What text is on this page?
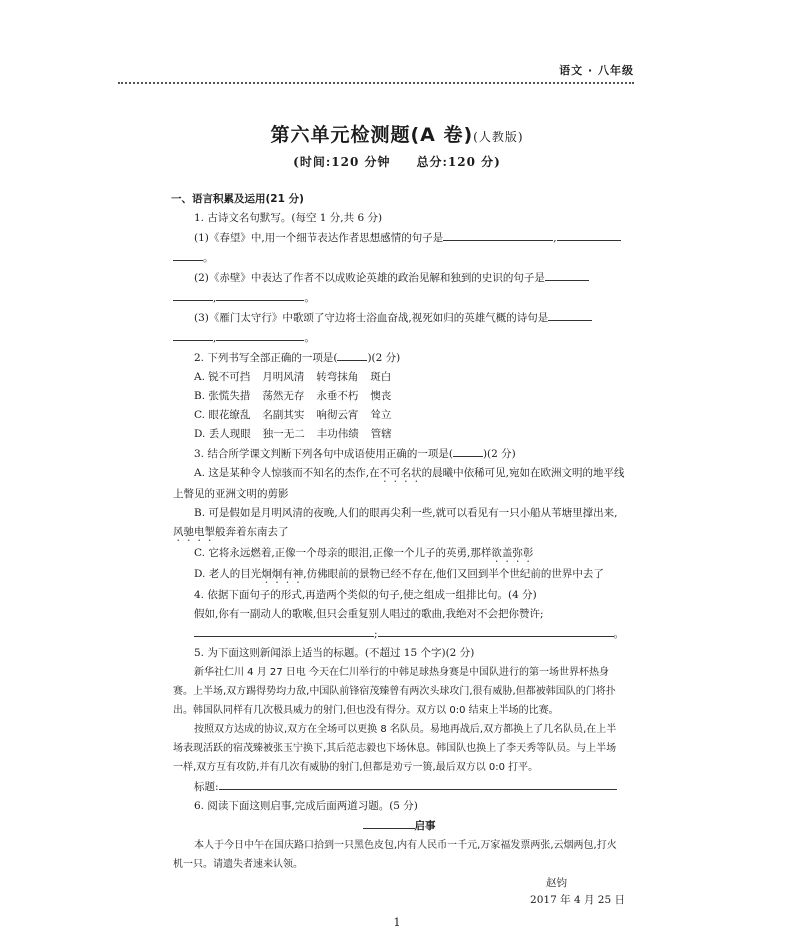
语文 · 八年级
第六单元检测题(A 卷)(人教版)
(时间:120 分钟 总分:120 分)

一、语言积累及运用(21 分)

1. 古诗文名句默写。(每空 1 分,共 6 分)

(1)《春望》中,用一个细节表达作者思想感情的句子是	,

。

(2)《赤壁》中表达了作者不以成败论英雄的政治见解和独到的史识的句子是

,	。

(3)《雁门太守行》中歌颂了守边将士浴血奋战,视死如归的英雄气概的诗句是

,	。

2. 下列书写全部正确的一项是(	)(2 分)

A. 锐不可挡 月明风清 转弯抹角 斑白

B. 张慌失措 荡然无存 永垂不朽 懊丧

C. 眼花缭乱 名副其实 响彻云宵 耸立

D. 丢人现眼 独一无二 丰功伟绩 管辖

3. 结合所学课文判断下列各句中成语使用正确的一项是(	)(2 分)

A. 这是某种令人惊骇而不知名的杰作,在不可名状的晨曦中依稀可见,宛如在欧洲文明的地平线上瞥见的亚洲文明的剪影

B. 可是假如是月明风清的夜晚,人们的眼再尖利一些,就可以看见有一只小船从苇塘里撑出来,风驰电掣般奔着东南去了

C. 它将永远燃着,正像一个母亲的眼泪,正像一个儿子的英勇,那样欲盖弥彰

D. 老人的目光炯炯有神,仿佛眼前的景物已经不存在,他们又回到半个世纪前的世界中去了

4. 依据下面句子的形式,再造两个类似的句子,使之组成一组排比句。(4 分)

假如,你有一副动人的歌喉,但只会重复别人唱过的歌曲,我绝对不会把你赞许;

;	。

5. 为下面这则新闻添上适当的标题。(不超过 15 个字)(2 分)

新华社仁川 4 月 27 日电 今天在仁川举行的中韩足球热身赛是中国队进行的第一场世界杯热身赛。上半场,双方踢得势均力敌,中国队前锋宿茂臻曾有两次头球攻门,很有威胁,但都被韩国队的门将扑出。韩国队同样有几次极具威力的射门,但也没有得分。双方以 0:0 结束上半场的比赛。

按照双方达成的协议,双方在全场可以更换 8 名队员。易地再战后,双方都换上了几名队员,在上半场表现活跃的宿茂臻被张玉宁换下,其后范志毅也下场休息。韩国队也换上了李天秀等队员。与上半场一样,双方互有攻防,并有几次有威胁的射门,但都是劝亏一篑,最后双方以 0:0 打平。

标题:

6. 阅读下面这则启事,完成后面两道习题。(5 分)

启事

本人于今日中午在国庆路口拾到一只黑色皮包,内有人民币一千元,万家福发票两张,云烟两包,打火机一只。请遗失者速来认领。

赵钧

2017 年 4 月 25 日

1
